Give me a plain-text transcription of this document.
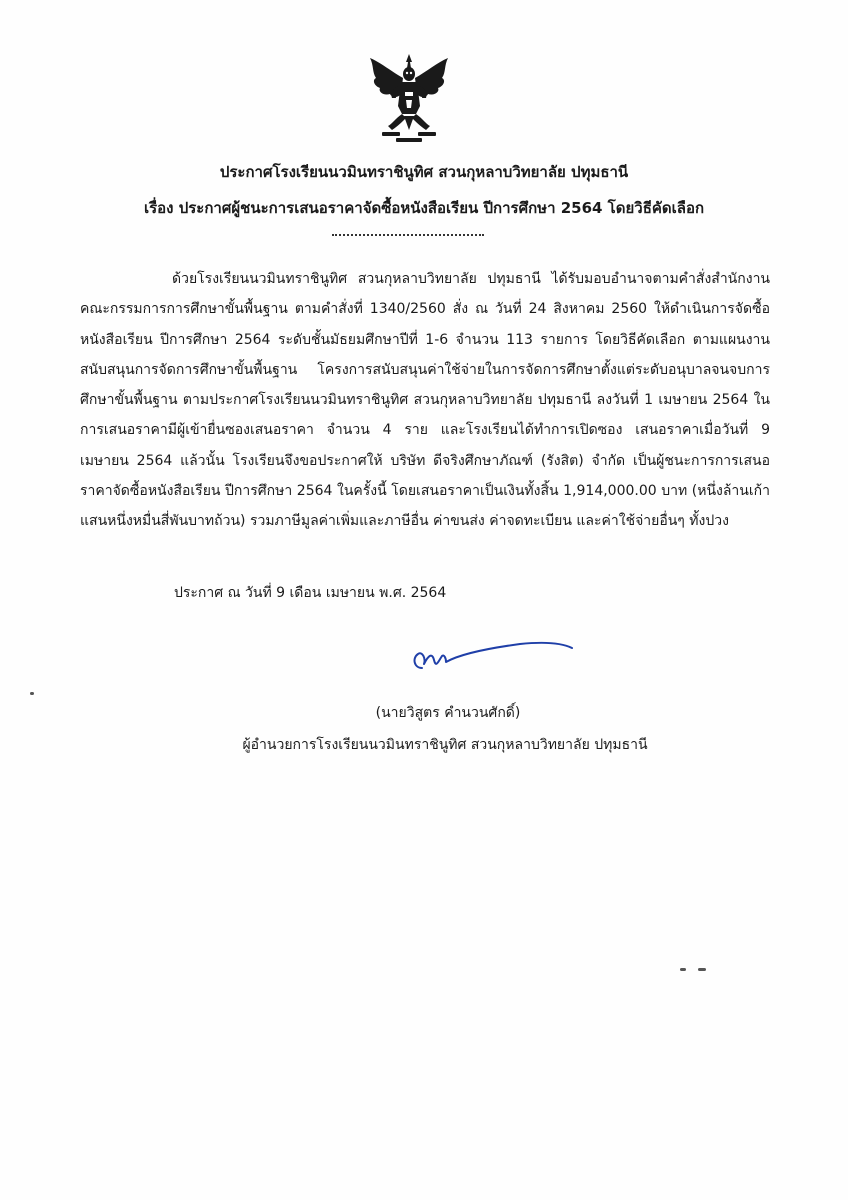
ประกาศโรงเรียนนวมินทราชินูทิศ สวนกุหลาบวิทยาลัย ปทุมธานี
เรื่อง ประกาศผู้ชนะการเสนอราคาจัดซื้อหนังสือเรียน ปีการศึกษา 2564 โดยวิธีคัดเลือก
ด้วยโรงเรียนนวมินทราชินูทิศ สวนกุหลาบวิทยาลัย ปทุมธานี ได้รับมอบอำนาจตามคำสั่งสำนักงานคณะกรรมการการศึกษาขั้นพื้นฐาน ตามคำสั่งที่ 1340/2560 สั่ง ณ วันที่ 24 สิงหาคม 2560 ให้ดำเนินการจัดซื้อหนังสือเรียน ปีการศึกษา 2564 ระดับชั้นมัธยมศึกษาปีที่ 1-6 จำนวน 113 รายการ โดยวิธีคัดเลือก ตามแผนงานสนับสนุนการจัดการศึกษาขั้นพื้นฐาน โครงการสนับสนุนค่าใช้จ่ายในการจัดการศึกษาตั้งแต่ระดับอนุบาลจนจบการศึกษาขั้นพื้นฐาน ตามประกาศโรงเรียนนวมินทราชินูทิศ สวนกุหลาบวิทยาลัย ปทุมธานี ลงวันที่ 1 เมษายน 2564 ในการเสนอราคามีผู้เข้ายื่นซองเสนอราคา จำนวน 4 ราย และโรงเรียนได้ทำการเปิดซอง เสนอราคาเมื่อวันที่ 9 เมษายน 2564 แล้วนั้น โรงเรียนจึงขอประกาศให้ บริษัท ดีจริงศึกษาภัณฑ์ (รังสิต) จำกัด เป็นผู้ชนะการการเสนอราคาจัดซื้อหนังสือเรียน ปีการศึกษา 2564 ในครั้งนี้ โดยเสนอราคาเป็นเงินทั้งสิ้น 1,914,000.00 บาท (หนึ่งล้านเก้าแสนหนึ่งหมื่นสี่พันบาทถ้วน) รวมภาษีมูลค่าเพิ่มและภาษีอื่น ค่าขนส่ง ค่าจดทะเบียน และค่าใช้จ่ายอื่นๆ ทั้งปวง
ประกาศ ณ วันที่ 9 เดือน เมษายน พ.ศ. 2564
(นายวิสูตร คำนวนศักดิ์)
ผู้อำนวยการโรงเรียนนวมินทราชินูทิศ สวนกุหลาบวิทยาลัย ปทุมธานี
